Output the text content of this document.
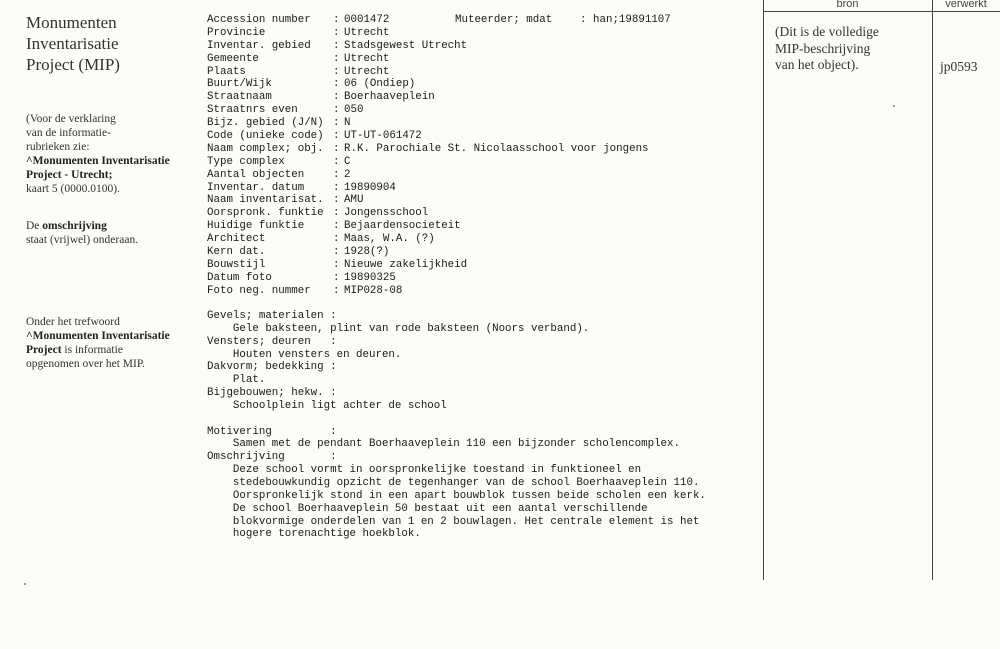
Monumenten
Inventarisatie
Project (MIP)
(Voor de verklaring
van de informatie-
rubrieken zie:
^Monumenten Inventarisatie
Project - Utrecht;
kaart 5 (0000.0100).
De omschrijving
staat (vrijwel) onderaan.
Onder het trefwoord
^Monumenten Inventarisatie
Project is informatie
opgenomen over het MIP.
Accession number : 0001472	Muteerder; mdat	: han;19891107
Provincie	: Utrecht
Inventar. gebied : Stadsgewest Utrecht
Gemeente	: Utrecht
Plaats	: Utrecht
Buurt/Wijk	: 06 (Ondiep)
Straatnaam	: Boerhaaveplein
Straatnrs even	: 050
Bijz. gebied (J/N) : N
Code (unieke code) : UT-UT-061472
Naam complex; obj. : R.K. Parochiale St. Nicolaasschool voor jongens
Type complex	: C
Aantal objecten	: 2
Inventar. datum	: 19890904
Naam inventarisat. : AMU
Oorspronk. funktie : Jongensschool
Huidige funktie	: Bejaardensocieteit
Architect	: Maas, W.A. (?)
Kern dat.	: 1928(?)
Bouwstijl	: Nieuwe zakelijkheid
Datum foto	: 19890325
Foto neg. nummer : MIP028-08
Gevels; materialen :
Gele baksteen, plint van rode baksteen (Noors verband).
Vensters; deuren   :
Houten vensters en deuren.
Dakvorm; bedekking :
Plat.
Bijgebouwen; hekw. :
Schoolplein ligt achter de school
Motivering         :
Samen met de pendant Boerhaaveplein 110 een bijzonder scholencomplex.
Omschrijving       :
Deze school vormt in oorspronkelijke toestand in funktioneel en
stedebouwkundig opzicht de tegenhanger van de school Boerhaaveplein 110.
Oorspronkelijk stond in een apart bouwblok tussen beide scholen een kerk.
De school Boerhaaveplein 50 bestaat uit een aantal verschillende
blokvormige onderdelen van 1 en 2 bouwlagen. Het centrale element is het
hogere torenachtige hoekblok.
bron	verwerkt
(Dit is de volledige
MIP-beschrijving
van het object).	jp0593
